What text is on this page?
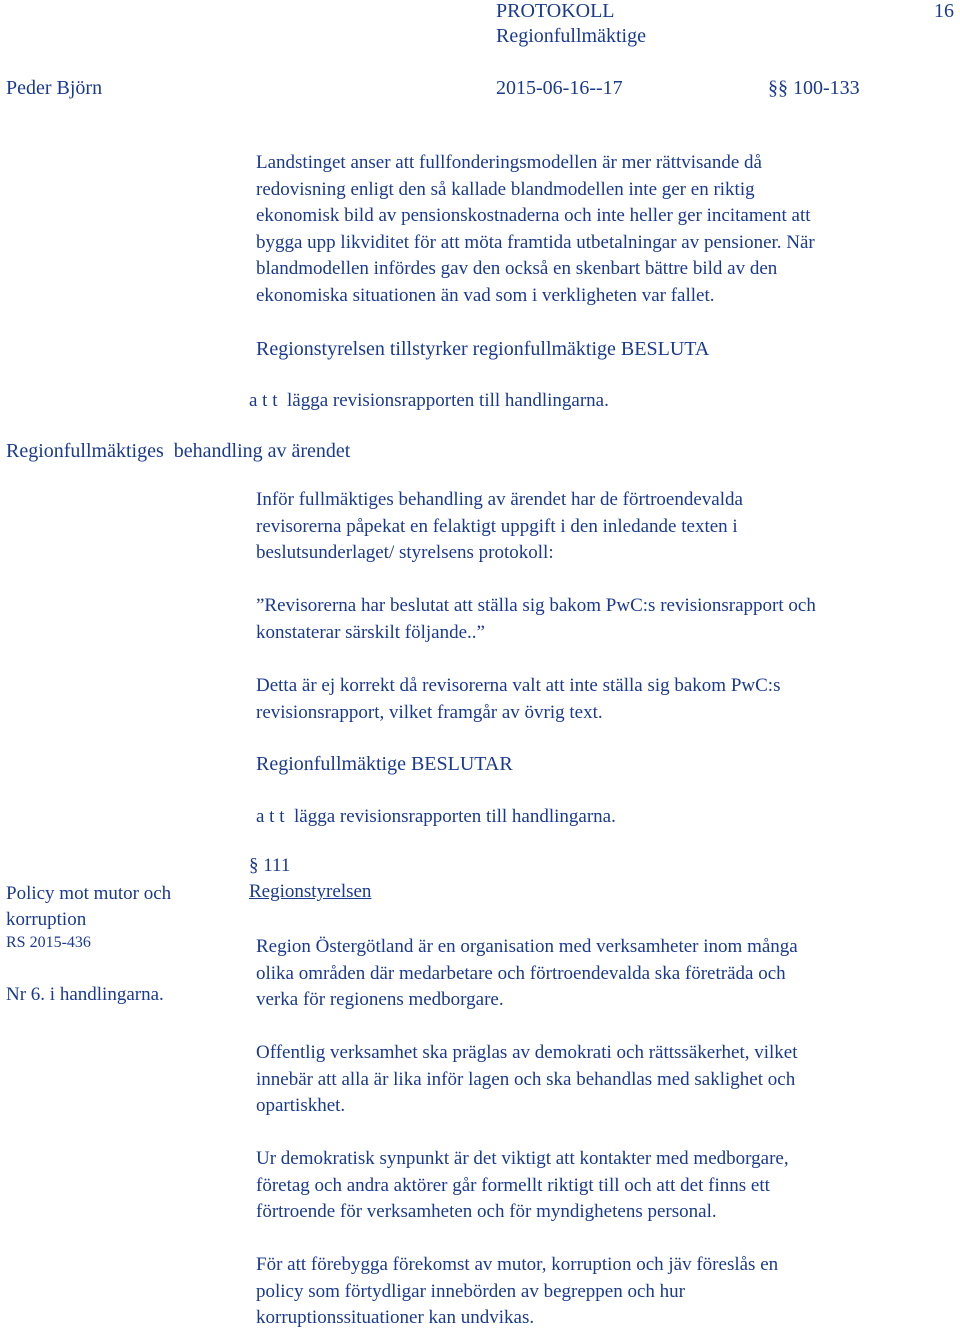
PROTOKOLL
Regionfullmäktige
16
Peder Björn	2015-06-16--17	§§ 100-133

Landstinget anser att fullfonderingsmodellen är mer rättvisande då

redovisning enligt den så kallade blandmodellen inte ger en riktig

ekonomisk bild av pensionskostnaderna och inte heller ger incitament att

bygga upp likviditet för att möta framtida utbetalningar av pensioner. När

blandmodellen infördes gav den också en skenbart bättre bild av den

ekonomiska situationen än vad som i verkligheten var fallet.

Regionstyrelsen tillstyrker regionfullmäktige BESLUTA
a t t  lägga revisionsrapporten till handlingarna.
Regionfullmäktiges  behandling av ärendet

Inför fullmäktiges behandling av ärendet har de förtroendevalda

revisorerna påpekat en felaktigt uppgift i den inledande texten i

beslutsunderlaget/ styrelsens protokoll:

”Revisorerna har beslutat att ställa sig bakom PwC:s revisionsrapport och

konstaterar särskilt följande..”

Detta är ej korrekt då revisorerna valt att inte ställa sig bakom PwC:s

revisionsrapport, vilket framgår av övrig text.

Regionfullmäktige BESLUTAR
a t t  lägga revisionsrapporten till handlingarna.
§ 111
Regionstyrelsen
Policy mot mutor och
korruption
RS 2015-436
Nr 6. i handlingarna.

Region Östergötland är en organisation med verksamheter inom många

olika områden där medarbetare och förtroendevalda ska företräda och

verka för regionens medborgare.

Offentlig verksamhet ska präglas av demokrati och rättssäkerhet, vilket

innebär att alla är lika inför lagen och ska behandlas med saklighet och

opartiskhet.

Ur demokratisk synpunkt är det viktigt att kontakter med medborgare,

företag och andra aktörer går formellt riktigt till och att det finns ett

förtroende för verksamheten och för myndighetens personal.

För att förebygga förekomst av mutor, korruption och jäv föreslås en

policy som förtydligar innebörden av begreppen och hur

korruptionssituationer kan undvikas.
